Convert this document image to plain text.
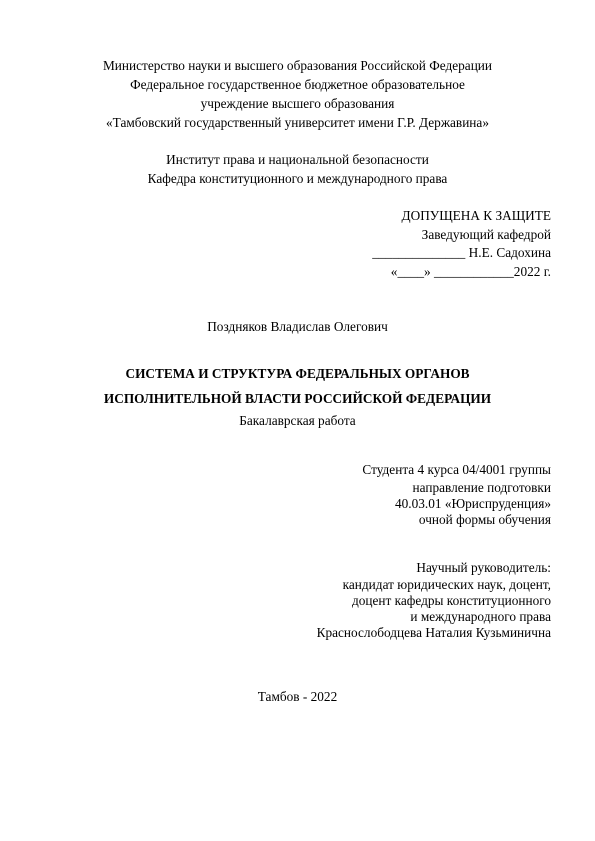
Министерство науки и высшего образования Российской Федерации
Федеральное государственное бюджетное образовательное
учреждение высшего образования
«Тамбовский государственный университет имени Г.Р. Державина»
Институт права и национальной безопасности
Кафедра конституционного и международного права
ДОПУЩЕНА К ЗАЩИТЕ
Заведующий кафедрой
______________ Н.Е. Садохина
«____» ____________2022 г.
Поздняков Владислав Олегович
СИСТЕМА И СТРУКТУРА ФЕДЕРАЛЬНЫХ ОРГАНОВ
ИСПОЛНИТЕЛЬНОЙ ВЛАСТИ РОССИЙСКОЙ ФЕДЕРАЦИИ
Бакалаврская работа
Студента 4 курса 04/4001 группы
направление подготовки
40.03.01 «Юриспруденция»
очной формы обучения
Научный руководитель:
кандидат юридических наук, доцент,
доцент кафедры конституционного
и международного права
Краснослободцева Наталия Кузьминична
Тамбов - 2022
